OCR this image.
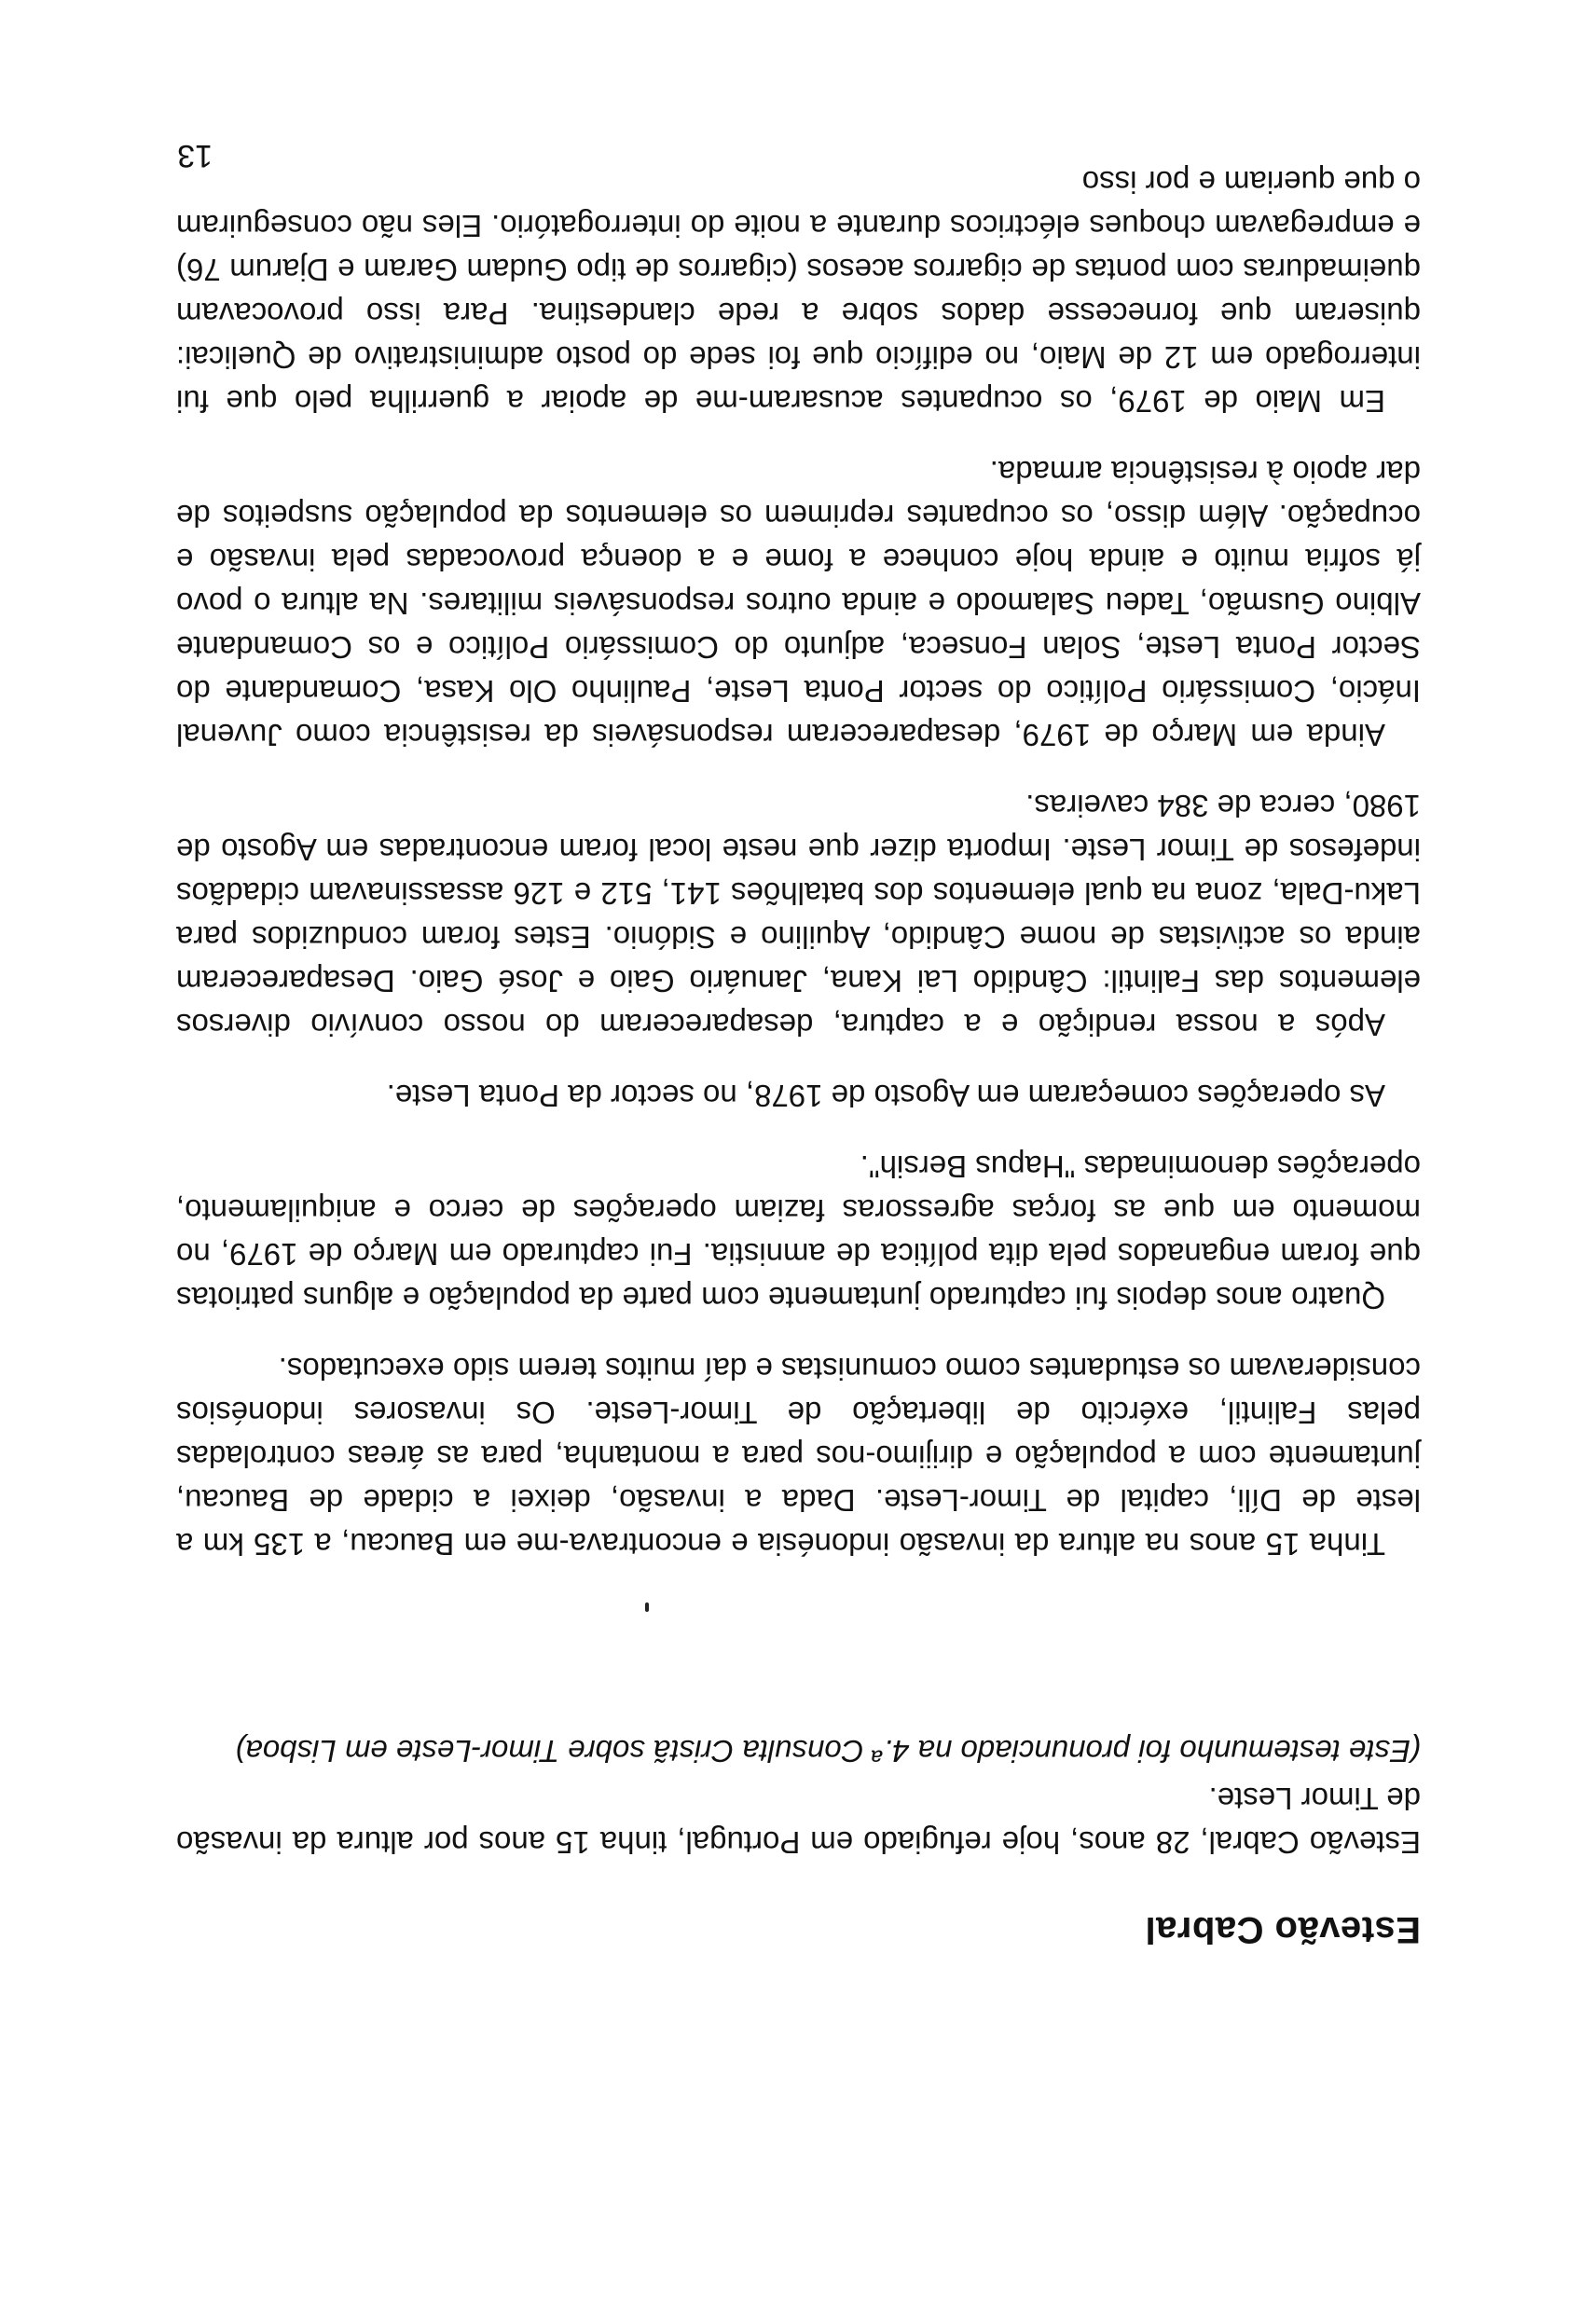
Estevão Cabral

Estevão Cabral, 28 anos, hoje refugiado em Portugal, tinha 15 anos por altura da invasão de Timor Leste.

(Este testemunho foi pronunciado na 4.ª Consulta Cristã sobre Timor-Leste em Lisboa)

Tinha 15 anos na altura da invasão indonésia e encontrava-me em Baucau, a 135 km a leste de Díli, capital de Timor-Leste. Dada a invasão, deixei a cidade de Baucau, juntamente com a população e dirijimo-nos para a montanha, para as áreas controladas pelas Falintil, exército de libertação de Timor-Leste. Os invasores indonésios consideravam os estudantes como comunistas e daí muitos terem sido executados.

Quatro anos depois fui capturado juntamente com parte da população e alguns patriotas que foram enganados pela dita política de amnistia. Fui capturado em Março de 1979, no momento em que as forças agressoras faziam operações de cerco e aniquilamento, operações denominadas "Hapus Bersih".

As operações começaram em Agosto de 1978, no sector da Ponta Leste.

Após a nossa rendição e a captura, desapareceram do nosso convívio diversos elementos das Falintil: Cândido Lai Kana, Januário Gaio e José Gaio. Desapareceram ainda os activistas de nome Cândido, Aquilino e Sidónio. Estes foram conduzidos para Laku-Dala, zona na qual elementos dos batalhões 141, 512 e 126 assassinavam cidadãos indefesos de Timor Leste. Importa dizer que neste local foram encontradas em Agosto de 1980, cerca de 384 caveiras.

Ainda em Março de 1979, desapareceram responsáveis da resistência como Juvenal Inácio, Comissário Político do sector Ponta Leste, Paulinho Olo Kasa, Comandante do Sector Ponta Leste, Solan Fonseca, adjunto do Comissário Político e os Comandante Albino Gusmão, Tadeu Salamodo e ainda outros responsáveis militares. Na altura o povo já sofria muito e ainda hoje conhece a fome e a doença provocadas pela invasão e ocupação. Além disso, os ocupantes reprimem os elementos da população suspeitos de dar apoio à resistência armada.

Em Maio de 1979, os ocupantes acusaram-me de apoiar a guerrilha pelo que fui interrogado em 12 de Maio, no edifício que foi sede do posto administrativo de Quelicai: quiseram que fornecesse dados sobre a rede clandestina. Para isso provocavam queimaduras com pontas de cigarros acesos (cigarros de tipo Gudam Garam e Djarum 76) e empregavam choques eléctricos durante a noite do interrogatório. Eles não conseguiram o que queriam e por isso

13
